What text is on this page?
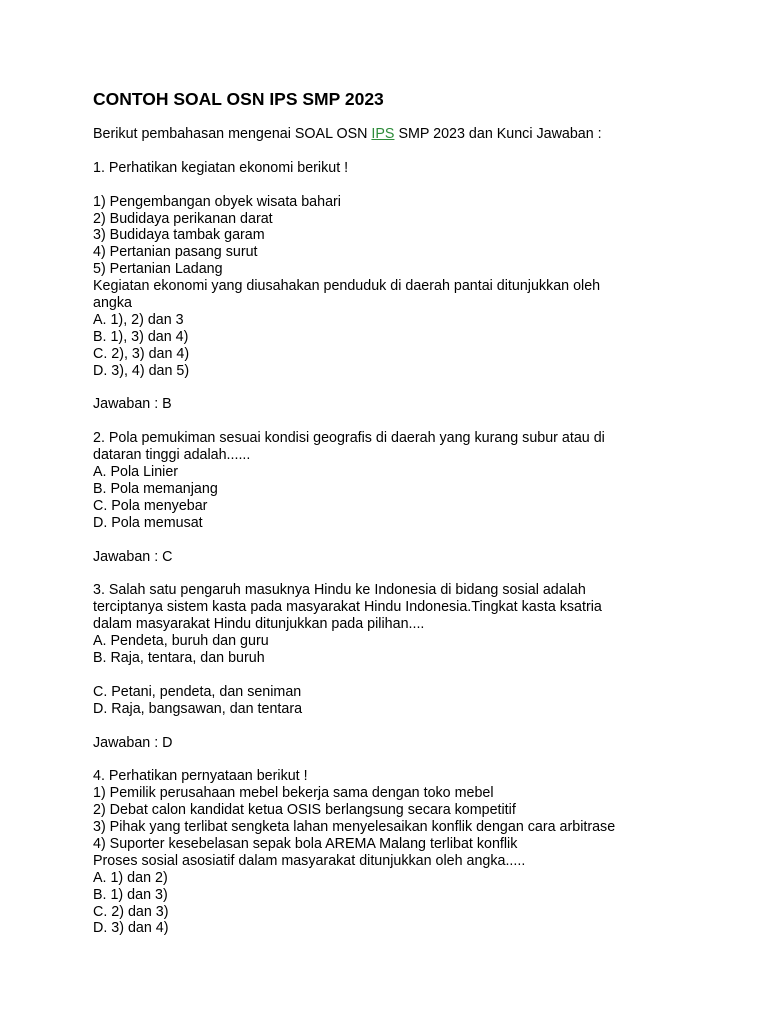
CONTOH SOAL OSN IPS SMP 2023

Berikut pembahasan mengenai SOAL OSN IPS SMP 2023 dan Kunci Jawaban :

1. Perhatikan kegiatan ekonomi berikut !

1) Pengembangan obyek wisata bahari

2) Budidaya perikanan darat

3) Budidaya tambak garam

4) Pertanian pasang surut

5) Pertanian Ladang

Kegiatan ekonomi yang diusahakan penduduk di daerah pantai ditunjukkan oleh

angka

A. 1), 2) dan 3

B. 1), 3) dan 4)

C. 2), 3) dan 4)

D. 3), 4) dan 5)

Jawaban : B

2. Pola pemukiman sesuai kondisi geografis di daerah yang kurang subur atau di

dataran tinggi adalah......

A. Pola Linier

B. Pola memanjang

C. Pola menyebar

D. Pola memusat

Jawaban : C

3. Salah satu pengaruh masuknya Hindu ke Indonesia di bidang sosial adalah

terciptanya sistem kasta pada masyarakat Hindu Indonesia.Tingkat kasta ksatria

dalam masyarakat Hindu ditunjukkan pada pilihan....

A. Pendeta, buruh dan guru

B. Raja, tentara, dan buruh

C. Petani, pendeta, dan seniman

D. Raja, bangsawan, dan tentara

Jawaban : D

4. Perhatikan pernyataan berikut !

1) Pemilik perusahaan mebel bekerja sama dengan toko mebel

2) Debat calon kandidat ketua OSIS berlangsung secara kompetitif

3) Pihak yang terlibat sengketa lahan menyelesaikan konflik dengan cara arbitrase

4) Suporter kesebelasan sepak bola AREMA Malang terlibat konflik

Proses sosial asosiatif dalam masyarakat ditunjukkan oleh angka.....

A. 1) dan 2)

B. 1) dan 3)

C. 2) dan 3)

D. 3) dan 4)
